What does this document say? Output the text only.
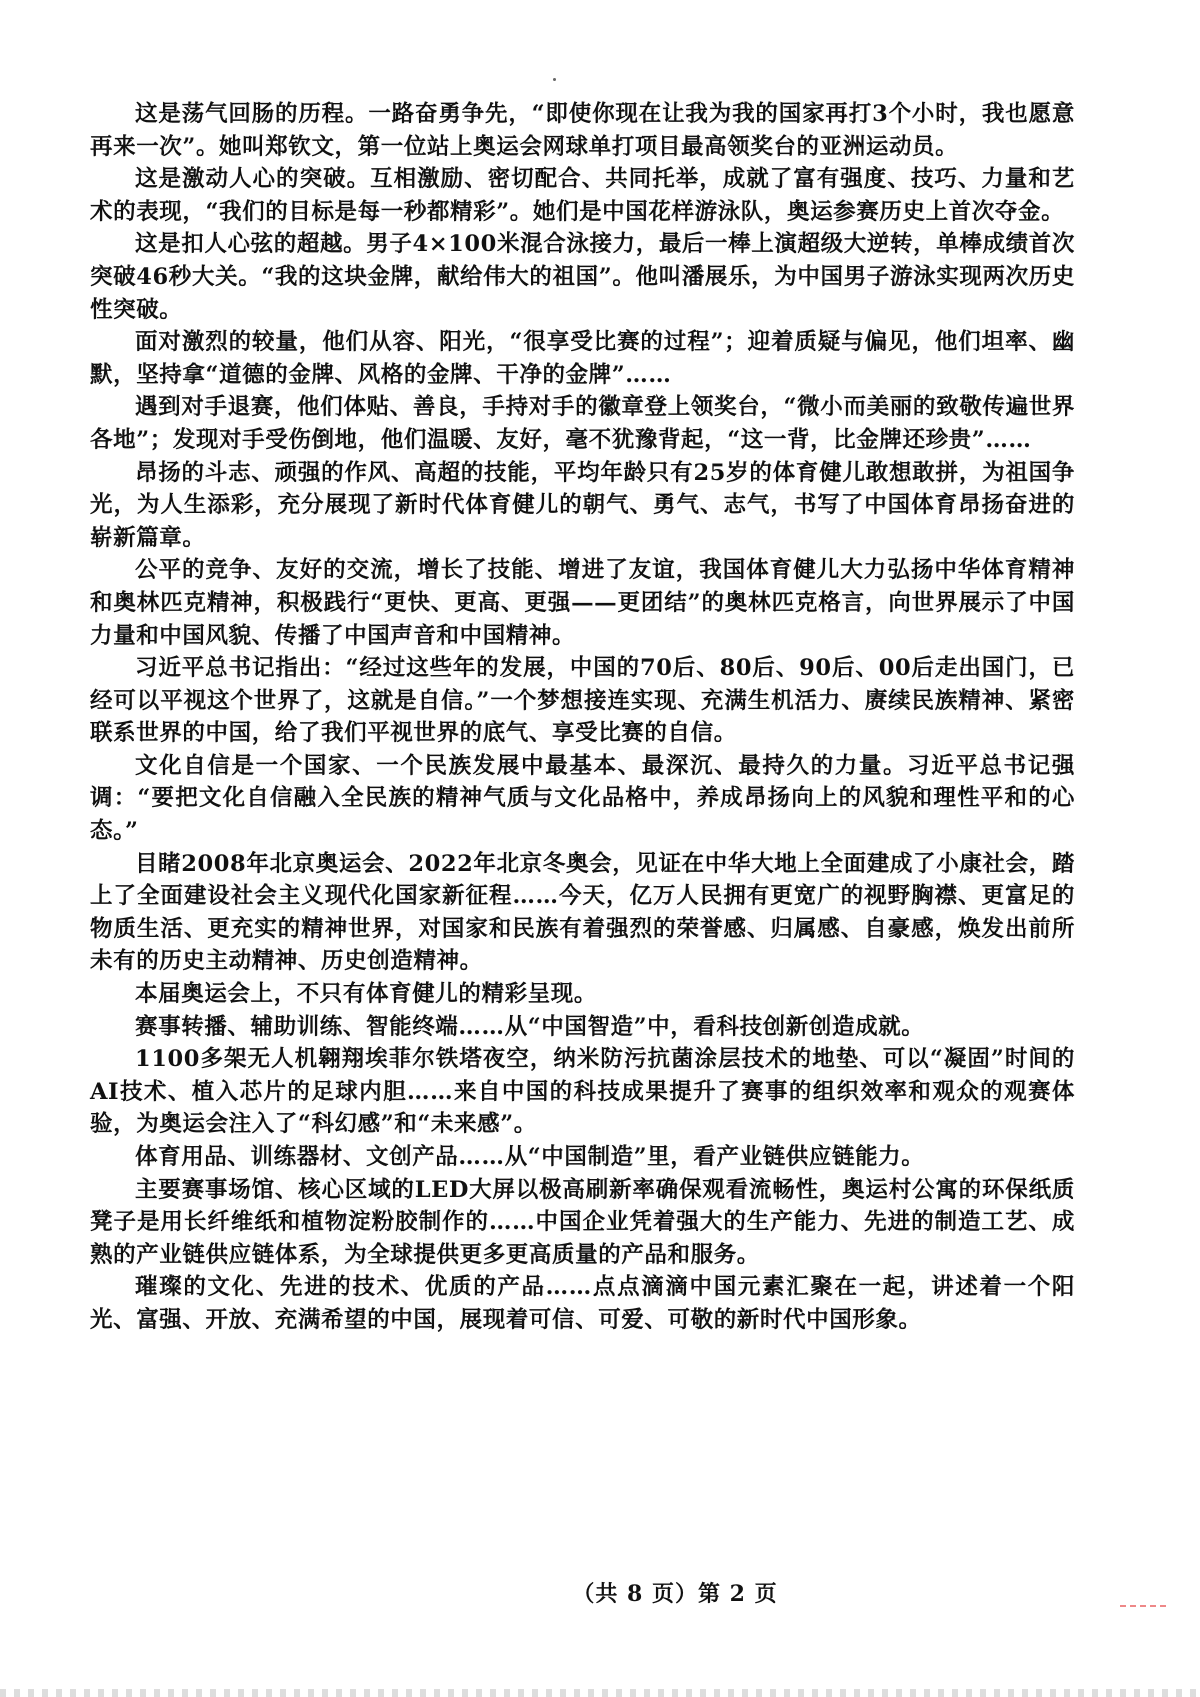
这是荡气回肠的历程。一路奋勇争先，“即使你现在让我为我的国家再打3个小时，我也愿意再来一次”。她叫郑钦文，第一位站上奥运会网球单打项目最高领奖台的亚洲运动员。

这是激动人心的突破。互相激励、密切配合、共同托举，成就了富有强度、技巧、力量和艺术的表现，“我们的目标是每一秒都精彩”。她们是中国花样游泳队，奥运参赛历史上首次夺金。

这是扣人心弦的超越。男子4×100米混合泳接力，最后一棒上演超级大逆转，单棒成绩首次突破46秒大关。“我的这块金牌，献给伟大的祖国”。他叫潘展乐，为中国男子游泳实现两次历史性突破。

面对激烈的较量，他们从容、阳光，“很享受比赛的过程”；迎着质疑与偏见，他们坦率、幽默，坚持拿“道德的金牌、风格的金牌、干净的金牌”……

遇到对手退赛，他们体贴、善良，手持对手的徽章登上领奖台，“微小而美丽的致敬传遍世界各地”；发现对手受伤倒地，他们温暖、友好，毫不犹豫背起，“这一背，比金牌还珍贵”……

昂扬的斗志、顽强的作风、高超的技能，平均年龄只有25岁的体育健儿敢想敢拼，为祖国争光，为人生添彩，充分展现了新时代体育健儿的朝气、勇气、志气，书写了中国体育昂扬奋进的崭新篇章。

公平的竞争、友好的交流，增长了技能、增进了友谊，我国体育健儿大力弘扬中华体育精神和奥林匹克精神，积极践行“更快、更高、更强——更团结”的奥林匹克格言，向世界展示了中国力量和中国风貌、传播了中国声音和中国精神。

习近平总书记指出：“经过这些年的发展，中国的70后、80后、90后、00后走出国门，已经可以平视这个世界了，这就是自信。”一个梦想接连实现、充满生机活力、赓续民族精神、紧密联系世界的中国，给了我们平视世界的底气、享受比赛的自信。

文化自信是一个国家、一个民族发展中最基本、最深沉、最持久的力量。习近平总书记强调：“要把文化自信融入全民族的精神气质与文化品格中，养成昂扬向上的风貌和理性平和的心态。”

目睹2008年北京奥运会、2022年北京冬奥会，见证在中华大地上全面建成了小康社会，踏上了全面建设社会主义现代化国家新征程……今天，亿万人民拥有更宽广的视野胸襟、更富足的物质生活、更充实的精神世界，对国家和民族有着强烈的荣誉感、归属感、自豪感，焕发出前所未有的历史主动精神、历史创造精神。

本届奥运会上，不只有体育健儿的精彩呈现。

赛事转播、辅助训练、智能终端……从“中国智造”中，看科技创新创造成就。

1100多架无人机翱翔埃菲尔铁塔夜空，纳米防污抗菌涂层技术的地垫、可以“凝固”时间的AI技术、植入芯片的足球内胆……来自中国的科技成果提升了赛事的组织效率和观众的观赛体验，为奥运会注入了“科幻感”和“未来感”。

体育用品、训练器材、文创产品……从“中国制造”里，看产业链供应链能力。

主要赛事场馆、核心区域的LED大屏以极高刷新率确保观看流畅性，奥运村公寓的环保纸质凳子是用长纤维纸和植物淀粉胶制作的……中国企业凭着强大的生产能力、先进的制造工艺、成熟的产业链供应链体系，为全球提供更多更高质量的产品和服务。

璀璨的文化、先进的技术、优质的产品……点点滴滴中国元素汇聚在一起，讲述着一个阳光、富强、开放、充满希望的中国，展现着可信、可爱、可敬的新时代中国形象。

（共 8 页）第 2 页
